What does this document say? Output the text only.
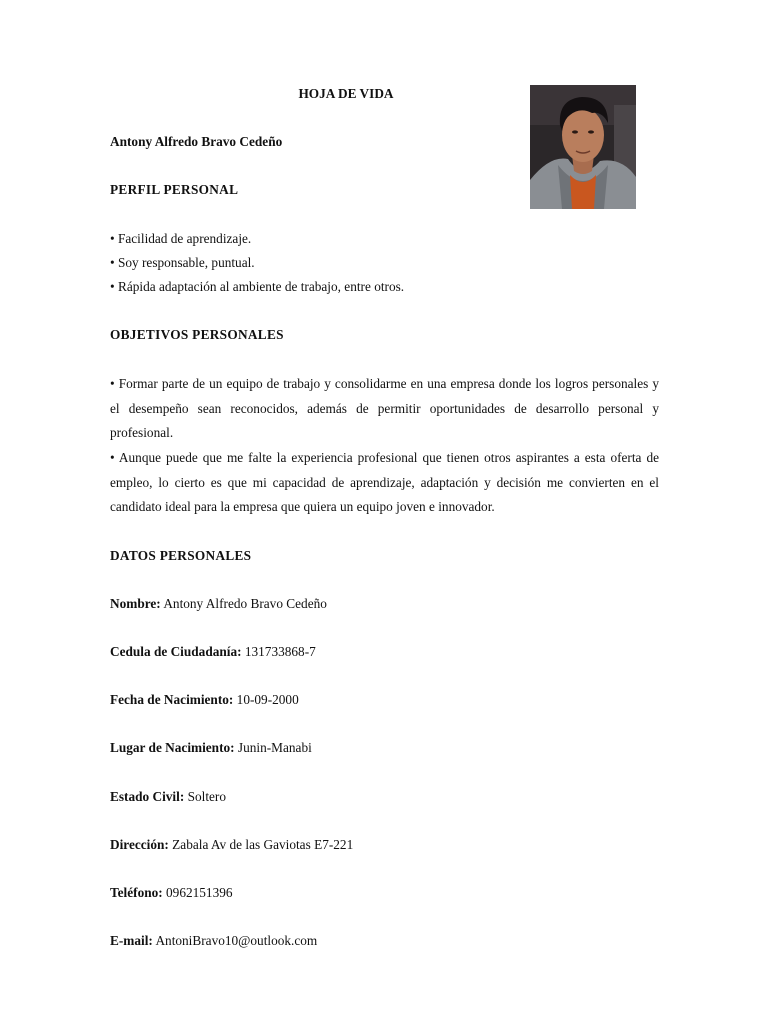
HOJA DE VIDA
Antony Alfredo Bravo Cedeño
PERFIL PERSONAL
• Facilidad de aprendizaje.
• Soy responsable, puntual.
• Rápida adaptación al ambiente de trabajo, entre otros.
OBJETIVOS PERSONALES
• Formar parte de un equipo de trabajo y consolidarme en una empresa donde los logros personales y el desempeño sean reconocidos, además de permitir oportunidades de desarrollo personal y profesional.
• Aunque puede que me falte la experiencia profesional que tienen otros aspirantes a esta oferta de empleo, lo cierto es que mi capacidad de aprendizaje, adaptación y decisión me convierten en el candidato ideal para la empresa que quiera un equipo joven e innovador.
DATOS PERSONALES
Nombre: Antony Alfredo Bravo Cedeño
Cedula de Ciudadanía: 131733868-7
Fecha de Nacimiento: 10-09-2000
Lugar de Nacimiento: Junin-Manabi
Estado Civil: Soltero
Dirección: Zabala Av de las Gaviotas E7-221
Teléfono: 0962151396
E-mail: AntoniBravo10@outlook.com
